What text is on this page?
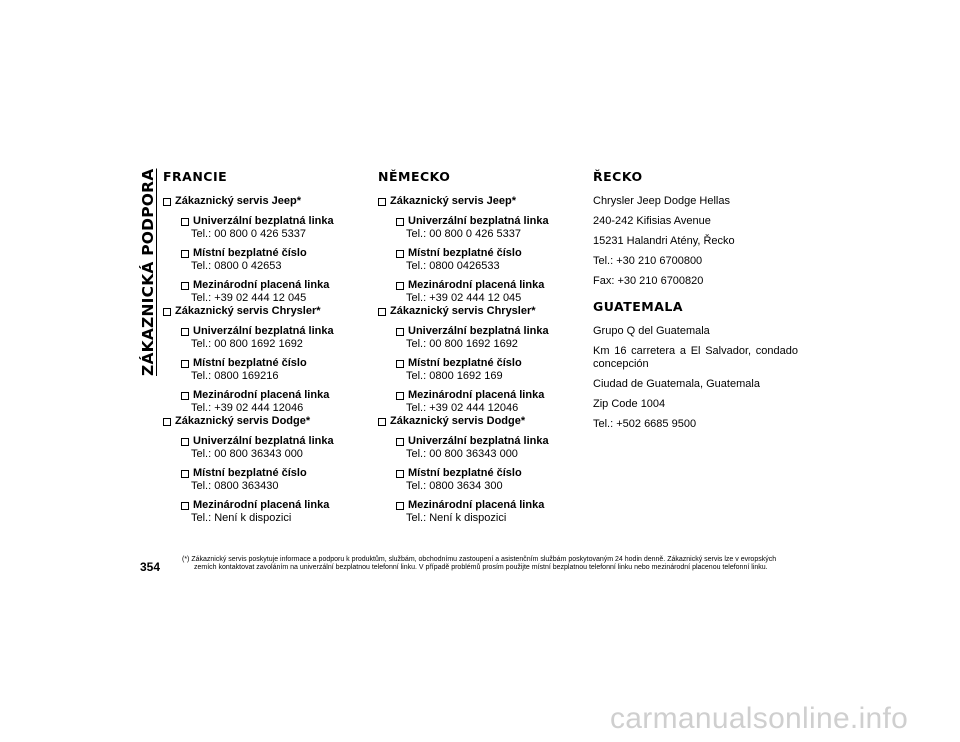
ZÁKAZNICKÁ PODPORA FRANCIE
Zákaznický servis Jeep*
Univerzální bezplatná linka
Tel.: 00 800 0 426 5337
Místní bezplatné číslo
Tel.: 0800 0 42653
Mezinárodní placená linka
Tel.: +39 02 444 12 045
Zákaznický servis Chrysler*
Univerzální bezplatná linka
Tel.: 00 800 1692 1692
Místní bezplatné číslo
Tel.: 0800 169216
Mezinárodní placená linka
Tel.: +39 02 444 12046
Zákaznický servis Dodge*
Univerzální bezplatná linka
Tel.: 00 800 36343 000
Místní bezplatné číslo
Tel.: 0800 363430
Mezinárodní placená linka
Tel.: Není k dispozici
NĚMECKO
Zákaznický servis Jeep*
Univerzální bezplatná linka
Tel.: 00 800 0 426 5337
Místní bezplatné číslo
Tel.: 0800 0426533
Mezinárodní placená linka
Tel.: +39 02 444 12 045
Zákaznický servis Chrysler*
Univerzální bezplatná linka
Tel.: 00 800 1692 1692
Místní bezplatné číslo
Tel.: 0800 1692 169
Mezinárodní placená linka
Tel.: +39 02 444 12046
Zákaznický servis Dodge*
Univerzální bezplatná linka
Tel.: 00 800 36343 000
Místní bezplatné číslo
Tel.: 0800 3634 300
Mezinárodní placená linka
Tel.: Není k dispozici
ŘECKO
Chrysler Jeep Dodge Hellas
240-242 Kifisias Avenue
15231 Halandri Atény, Řecko
Tel.: +30 210 6700800
Fax: +30 210 6700820
GUATEMALA
Grupo Q del Guatemala
Km 16 carretera a El Salvador, condado concepción
Ciudad de Guatemala, Guatemala
Zip Code 1004
Tel.: +502 6685 9500
354
(*) Zákaznický servis poskytuje informace a podporu k produktům, službám, obchodnímu zastoupení a asistenčním službám poskytovaným 24 hodin denně. Zákaznický servis lze v evropských
zemích kontaktovat zavoláním na univerzální bezplatnou telefonní linku. V případě problémů prosím použijte místní bezplatnou telefonní linku nebo mezinárodní placenou telefonní linku.
carmanualsonline.info
